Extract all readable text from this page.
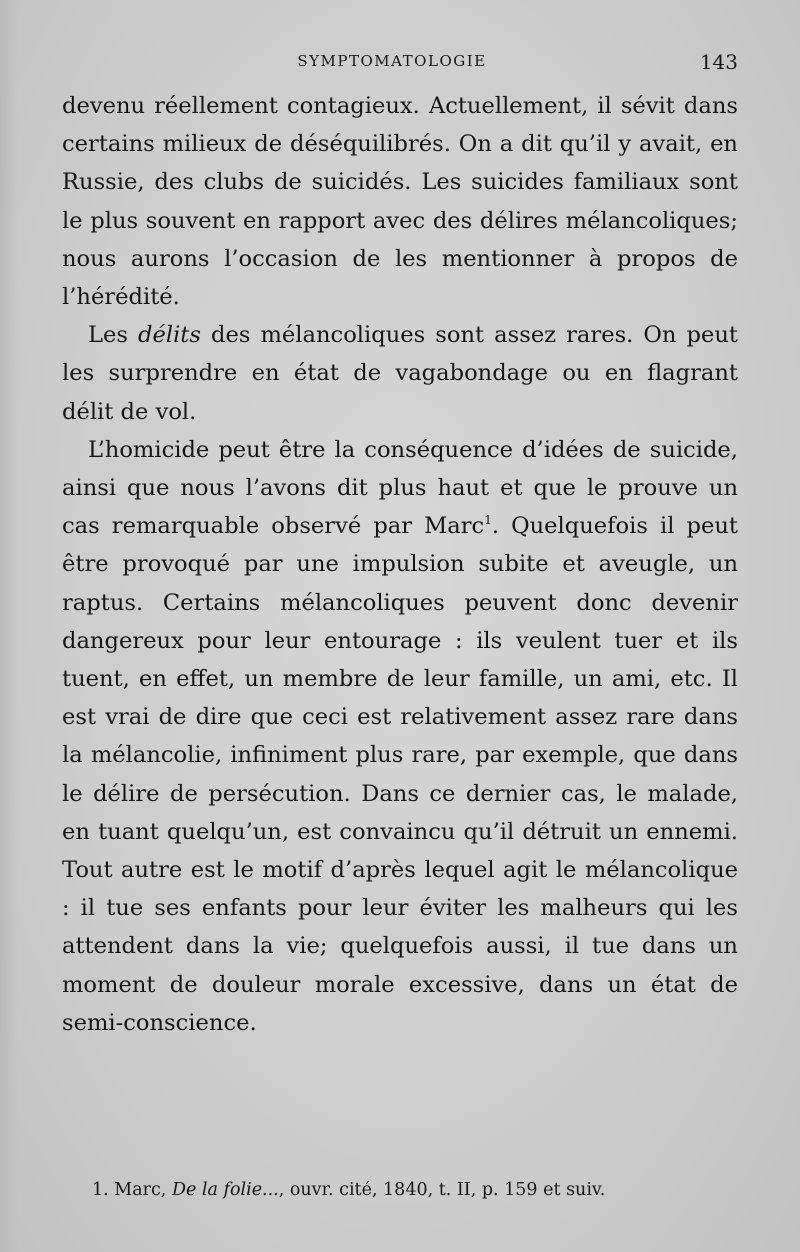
SYMPTOMATOLOGIE	143

devenu réellement contagieux. Actuellement, il sévit dans certains milieux de déséquilibrés. On a dit qu’il y avait, en Russie, des clubs de suicidés. Les suicides familiaux sont le plus souvent en rapport avec des délires mélancoliques; nous aurons l’occasion de les mentionner à propos de l’hérédité.

Les délits des mélancoliques sont assez rares. On peut les surprendre en état de vagabondage ou en flagrant délit de vol.

L’homicide peut être la conséquence d’idées de suicide, ainsi que nous l’avons dit plus haut et que le prouve un cas remarquable observé par Marc$^1$. Quelquefois il peut être provoqué par une impulsion subite et aveugle, un raptus. Certains mélancoliques peuvent donc devenir dangereux pour leur entourage : ils veulent tuer et ils tuent, en effet, un membre de leur famille, un ami, etc. Il est vrai de dire que ceci est relativement assez rare dans la mélancolie, infiniment plus rare, par exemple, que dans le délire de persécution. Dans ce dernier cas, le malade, en tuant quelqu’un, est convaincu qu’il détruit un ennemi. Tout autre est le motif d’après lequel agit le mélancolique : il tue ses enfants pour leur éviter les malheurs qui les attendent dans la vie; quelquefois aussi, il tue dans un moment de douleur morale excessive, dans un état de semi-conscience.

1. Marc, De la folie..., ouvr. cité, 1840, t. II, p. 159 et suiv.
